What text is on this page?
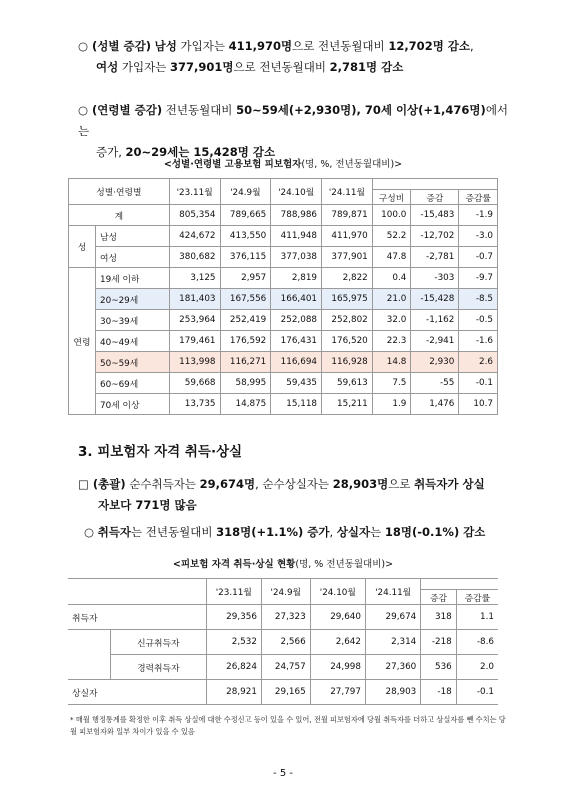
○ (성별 증감) 남성 가입자는 411,970명으로 전년동월대비 12,702명 감소,
여성 가입자는 377,901명으로 전년동월대비 2,781명 감소
○ (연령별 증감) 전년동월대비 50~59세(+2,930명), 70세 이상(+1,476명)에서는
증가, 20~29세는 15,428명 감소
<성별·연령별 고용보험 피보험자(명, %, 전년동월대비)>
성별·연령별		'23.11월	'24.9월	'24.10월	'24.11월			
						구성비	증감	증감률
계		805,354	789,665	788,986	789,871	100.0	-15,483	-1.9
성	남성	424,672	413,550	411,948	411,970	52.2	-12,702	-3.0
	여성	380,682	376,115	377,038	377,901	47.8	-2,781	-0.7
연령	19세 이하	3,125	2,957	2,819	2,822	0.4	-303	-9.7
	20~29세	181,403	167,556	166,401	165,975	21.0	-15,428	-8.5
	30~39세	253,964	252,419	252,088	252,802	32.0	-1,162	-0.5
	40~49세	179,461	176,592	176,431	176,520	22.3	-2,941	-1.6
	50~59세	113,998	116,271	116,694	116,928	14.8	2,930	2.6
	60~69세	59,668	58,995	59,435	59,613	7.5	-55	-0.1
	70세 이상	13,735	14,875	15,118	15,211	1.9	1,476	10.7
3. 피보험자 자격 취득·상실
□ (총괄) 순수취득자는 29,674명, 순수상실자는 28,903명으로 취득자가 상실
자보다 771명 많음
○ 취득자는 전년동월대비 318명(+1.1%) 증가, 상실자는 18명(-0.1%) 감소
<피보험 자격 취득·상실 현황(명, % 전년동월대비)>
		'23.11월	'24.9월	'24.10월	'24.11월		
						증감	증감률
취득자		29,356	27,323	29,640	29,674	318	1.1
	신규취득자	2,532	2,566	2,642	2,314	-218	-8.6
	경력취득자	26,824	24,757	24,998	27,360	536	2.0
상실자		28,921	29,165	27,797	28,903	-18	-0.1
* 매월 행정통계를 확정한 이후 취득 상실에 대한 수정신고 등이 있을 수 있어, 전월 피보험자에 당월 취득자를 더하고 상실자를 뺀 수치는 당월 피보험자와 일부 차이가 있을 수 있음
- 5 -
